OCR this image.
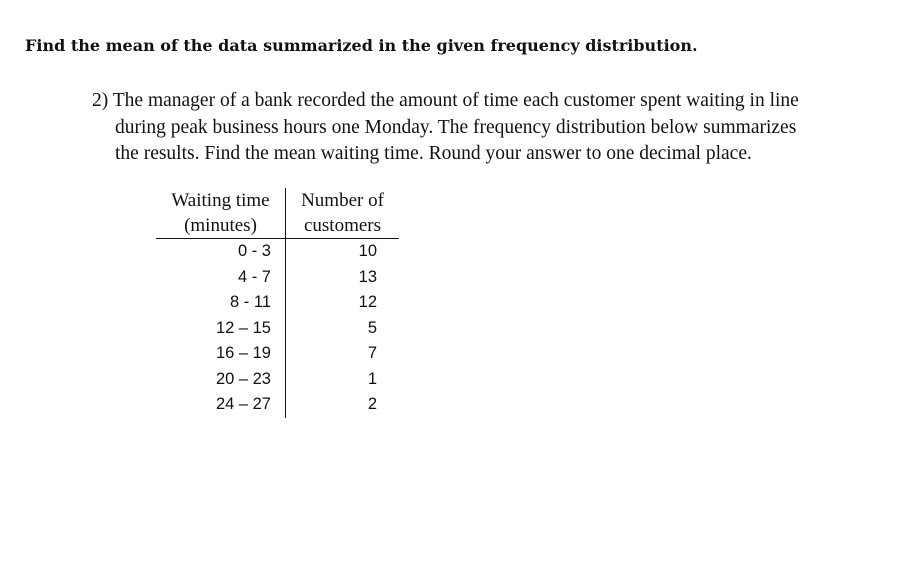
Find the mean of the data summarized in the given frequency distribution.
2) The manager of a bank recorded the amount of time each customer spent waiting in line
during peak business hours one Monday. The frequency distribution below summarizes
the results. Find the mean waiting time. Round your answer to one decimal place.
Waiting time	Number of
(minutes)	customers
0 - 3	10
4 - 7	13
8 - 11	12
12 – 15	5
16 – 19	7
20 – 23	1
24 – 27	2
